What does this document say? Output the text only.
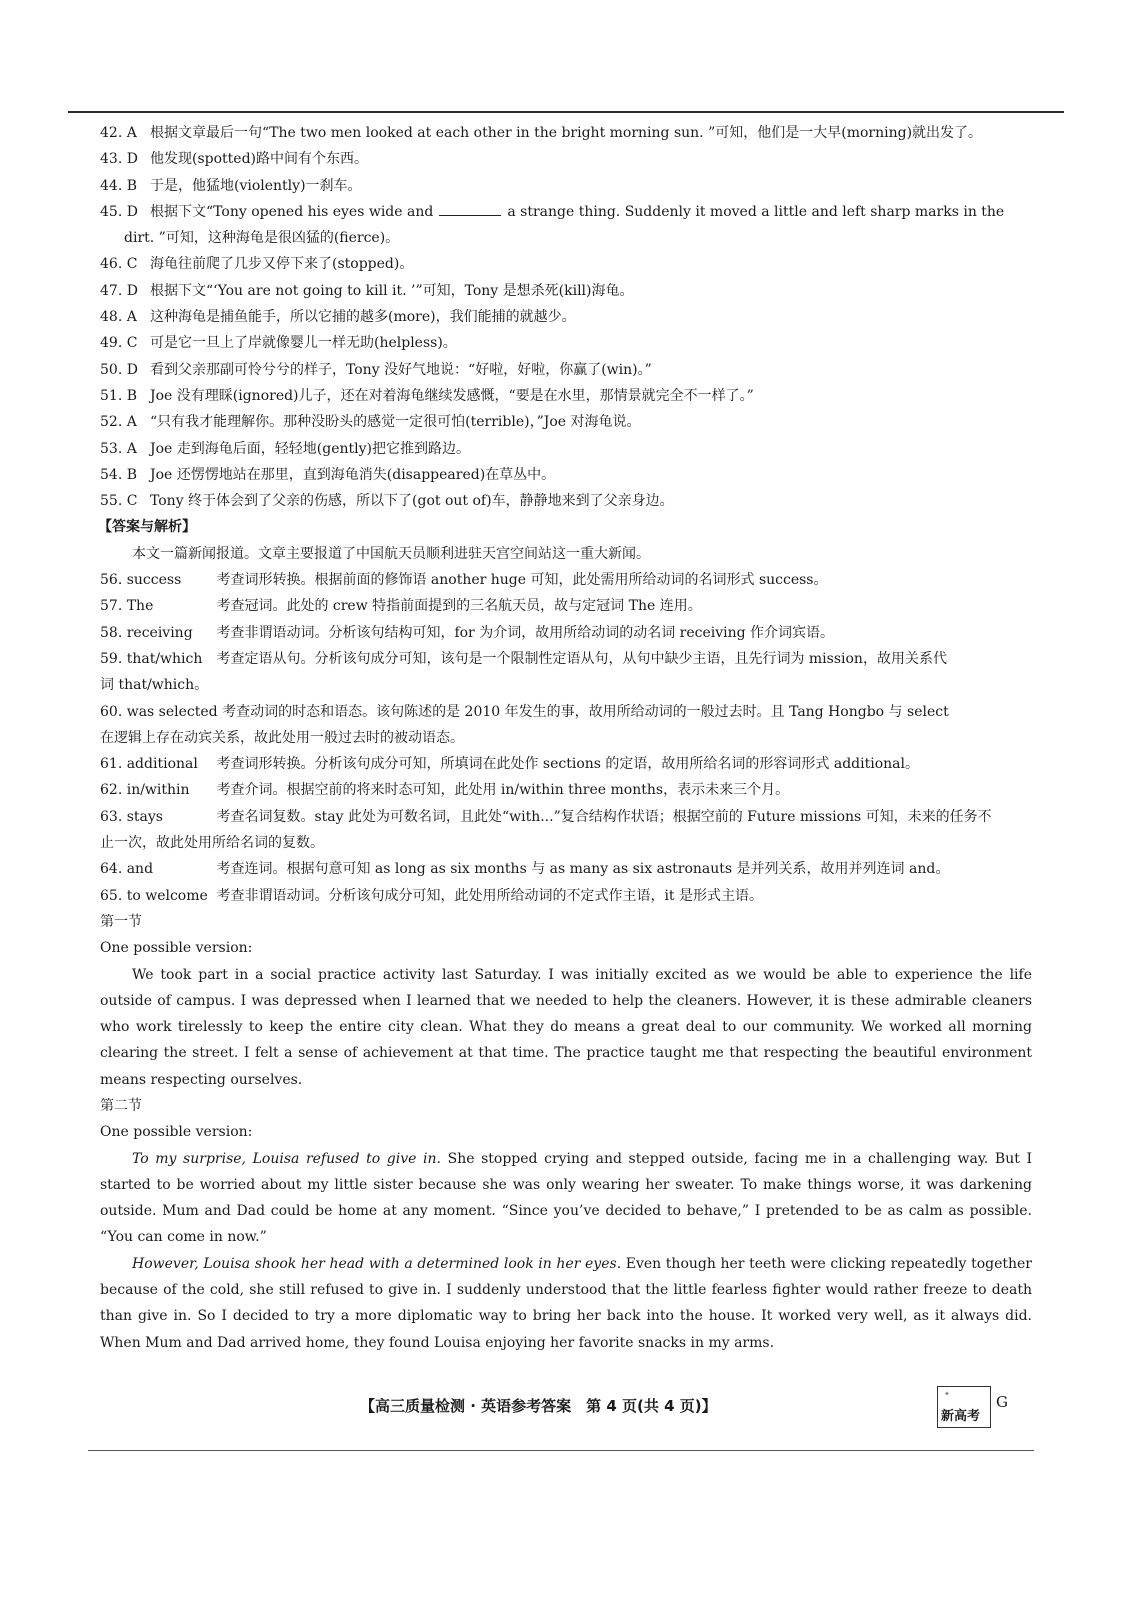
42. A 根据文章最后一句“The two men looked at each other in the bright morning sun. ”可知，他们是一大早(morning)就出发了。
43. D 他发现(spotted)路中间有个东西。
44. B 于是，他猛地(violently)一刹车。
45. D 根据下文“Tony opened his eyes wide and	a strange thing. Suddenly it moved a little and left sharp marks in the
dirt. ”可知，这种海龟是很凶猛的(fierce)。
46. C 海龟往前爬了几步又停下来了(stopped)。
47. D 根据下文“‘You are not going to kill it. ’”可知，Tony 是想杀死(kill)海龟。
48. A 这种海龟是捕鱼能手，所以它捕的越多(more)，我们能捕的就越少。
49. C 可是它一旦上了岸就像婴儿一样无助(helpless)。
50. D 看到父亲那副可怜兮兮的样子，Tony 没好气地说：“好啦，好啦，你赢了(win)。”
51. B Joe 没有理睬(ignored)儿子，还在对着海龟继续发感慨，“要是在水里，那情景就完全不一样了。”
52. A “只有我才能理解你。那种没盼头的感觉一定很可怕(terrible)，”Joe 对海龟说。
53. A Joe 走到海龟后面，轻轻地(gently)把它推到路边。
54. B Joe 还愣愣地站在那里，直到海龟消失(disappeared)在草丛中。
55. C Tony 终于体会到了父亲的伤感，所以下了(got out of)车，静静地来到了父亲身边。
【答案与解析】
本文一篇新闻报道。文章主要报道了中国航天员顺利进驻天宫空间站这一重大新闻。
56. success	考查词形转换。根据前面的修饰语 another huge 可知，此处需用所给动词的名词形式 success。
57. The	考查冠词。此处的 crew 特指前面提到的三名航天员，故与定冠词 The 连用。
58. receiving 考查非谓语动词。分析该句结构可知，for 为介词，故用所给动词的动名词 receiving 作介词宾语。
59. that/which 考查定语从句。分析该句成分可知，该句是一个限制性定语从句，从句中缺少主语，且先行词为 mission，故用关系代
词 that/which。
60. was selected 考查动词的时态和语态。该句陈述的是 2010 年发生的事，故用所给动词的一般过去时。且 Tang Hongbo 与 select
在逻辑上存在动宾关系，故此处用一般过去时的被动语态。
61. additional 考查词形转换。分析该句成分可知，所填词在此处作 sections 的定语，故用所给名词的形容词形式 additional。
62. in/within 考查介词。根据空前的将来时态可知，此处用 in/within three months，表示未来三个月。
63. stays	考查名词复数。stay 此处为可数名词，且此处“with...”复合结构作状语；根据空前的 Future missions 可知，未来的任务不
止一次，故此处用所给名词的复数。
64. and	考查连词。根据句意可知 as long as six months 与 as many as six astronauts 是并列关系，故用并列连词 and。
65. to welcome 考查非谓语动词。分析该句成分可知，此处用所给动词的不定式作主语，it 是形式主语。
第一节
One possible version:
We took part in a social practice activity last Saturday. I was initially excited as we would be able to experience the life outside of campus. I was depressed when I learned that we needed to help the cleaners. However, it is these admirable cleaners who work tirelessly to keep the entire city clean. What they do means a great deal to our community. We worked all morning clearing the street. I felt a sense of achievement at that time. The practice taught me that respecting the beautiful environment means respecting ourselves.
第二节
One possible version:
To my surprise, Louisa refused to give in. She stopped crying and stepped outside, facing me in a challenging way. But I started to be worried about my little sister because she was only wearing her sweater. To make things worse, it was darkening outside. Mum and Dad could be home at any moment. “Since you’ve decided to behave,” I pretended to be as calm as possible. “You can come in now.”
However, Louisa shook her head with a determined look in her eyes. Even though her teeth were clicking repeatedly together because of the cold, she still refused to give in. I suddenly understood that the little fearless fighter would rather freeze to death than give in. So I decided to try a more diplomatic way to bring her back into the house. It worked very well, as it always did. When Mum and Dad arrived home, they found Louisa enjoying her favorite snacks in my arms.
【高三质量检测 · 英语参考答案　第 4 页(共 4 页)】
✦
新高考
G
